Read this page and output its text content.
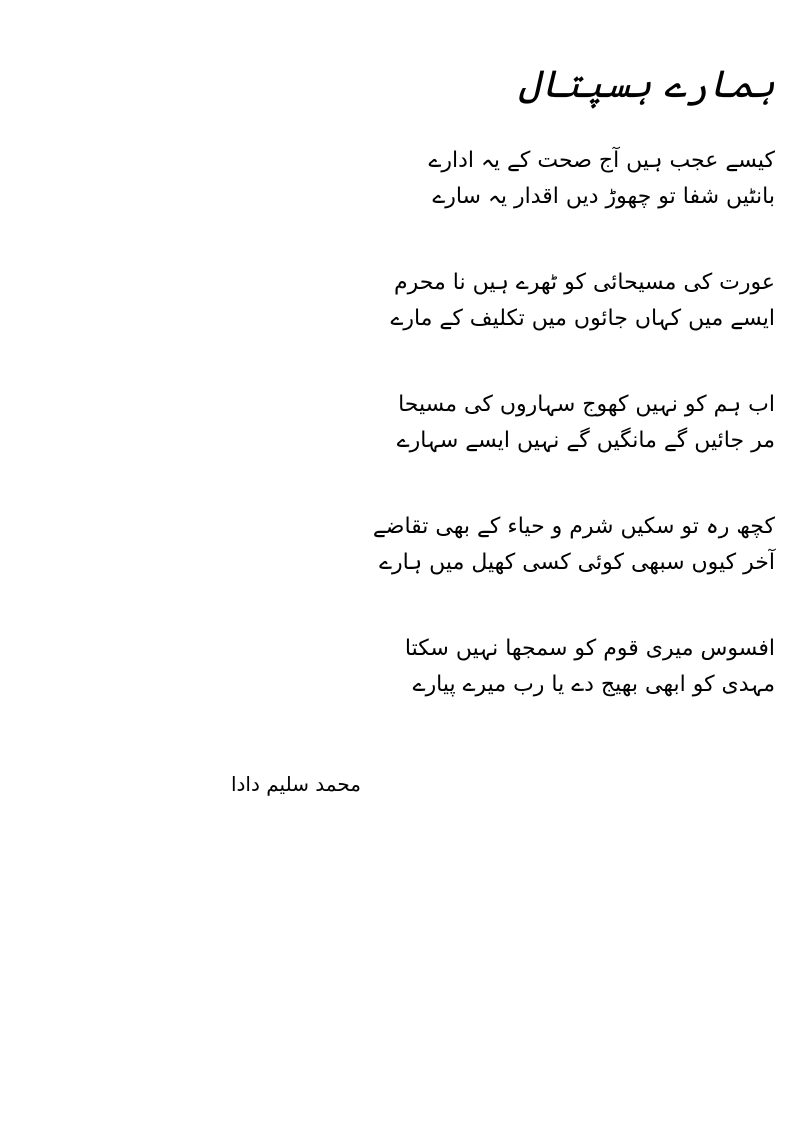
ہمارے ہسپتال
کیسے عجب ہیں آج صحت کے یہ ادارے
بانٹیں شفا تو چھوڑ دیں اقدار یہ سارے
عورت کی مسیحائی کو ٹھرے ہیں نا محرم
ایسے میں کہاں جائوں میں تکلیف کے مارے
اب ہم کو نہیں کھوج سہاروں کی مسیحا
مر جائیں گے مانگیں گے نہیں ایسے سہارے
کچھ رہ تو سکیں شرم و حیاء کے بھی تقاضے
آخر کیوں سبھی کوئی کسی کھیل میں ہارے
افسوس میری قوم کو سمجھا نہیں سکتا
مہدی کو ابھی بھیج دے یا رب میرے پیارے
محمد سلیم دادا
